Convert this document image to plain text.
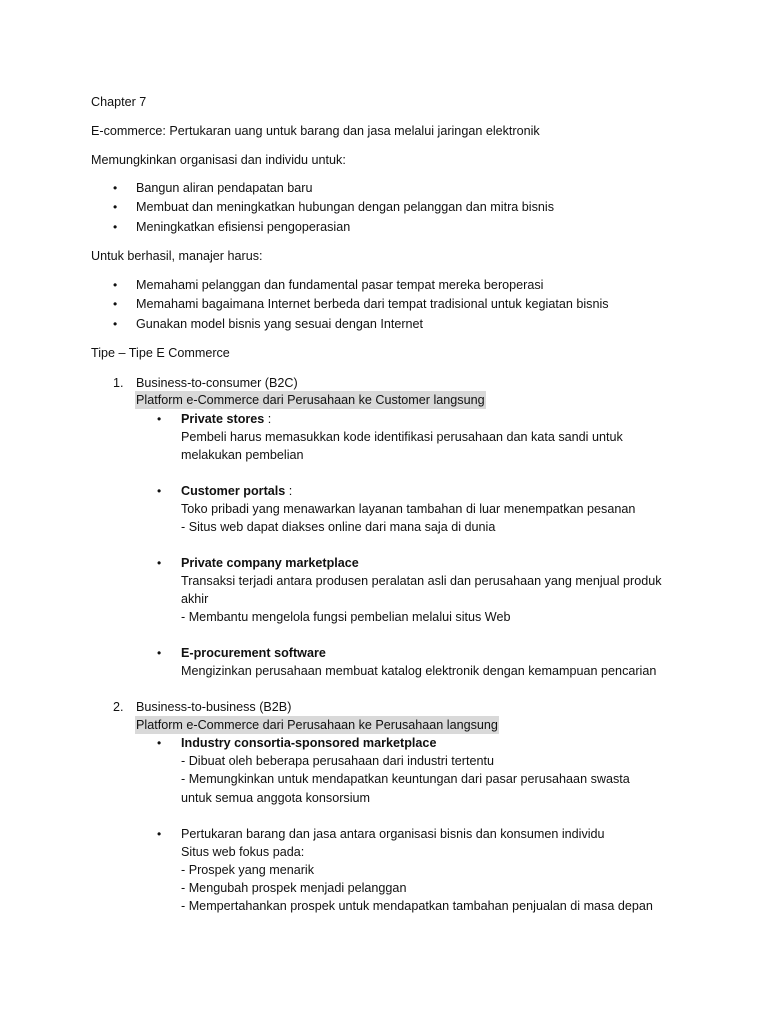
Chapter 7
E-commerce: Pertukaran uang untuk barang dan jasa melalui jaringan elektronik
Memungkinkan organisasi dan individu untuk:
• Bangun aliran pendapatan baru
• Membuat dan meningkatkan hubungan dengan pelanggan dan mitra bisnis
• Meningkatkan efisiensi pengoperasian
Untuk berhasil, manajer harus:
• Memahami pelanggan dan fundamental pasar tempat mereka beroperasi
• Memahami bagaimana Internet berbeda dari tempat tradisional untuk kegiatan bisnis
• Gunakan model bisnis yang sesuai dengan Internet
Tipe – Tipe E Commerce
1. Business-to-consumer (B2C)
Platform e-Commerce dari Perusahaan ke Customer langsung
• Private stores :
Pembeli harus memasukkan kode identifikasi perusahaan dan kata sandi untuk
melakukan pembelian
• Customer portals :
Toko pribadi yang menawarkan layanan tambahan di luar menempatkan pesanan
- Situs web dapat diakses online dari mana saja di dunia
• Private company marketplace
Transaksi terjadi antara produsen peralatan asli dan perusahaan yang menjual produk
akhir
- Membantu mengelola fungsi pembelian melalui situs Web
• E-procurement software
Mengizinkan perusahaan membuat katalog elektronik dengan kemampuan pencarian
2. Business-to-business (B2B)
Platform e-Commerce dari Perusahaan ke Perusahaan langsung
• Industry consortia-sponsored marketplace
- Dibuat oleh beberapa perusahaan dari industri tertentu
- Memungkinkan untuk mendapatkan keuntungan dari pasar perusahaan swasta
untuk semua anggota konsorsium
• Pertukaran barang dan jasa antara organisasi bisnis dan konsumen individu
Situs web fokus pada:
- Prospek yang menarik
- Mengubah prospek menjadi pelanggan
- Mempertahankan prospek untuk mendapatkan tambahan penjualan di masa depan
